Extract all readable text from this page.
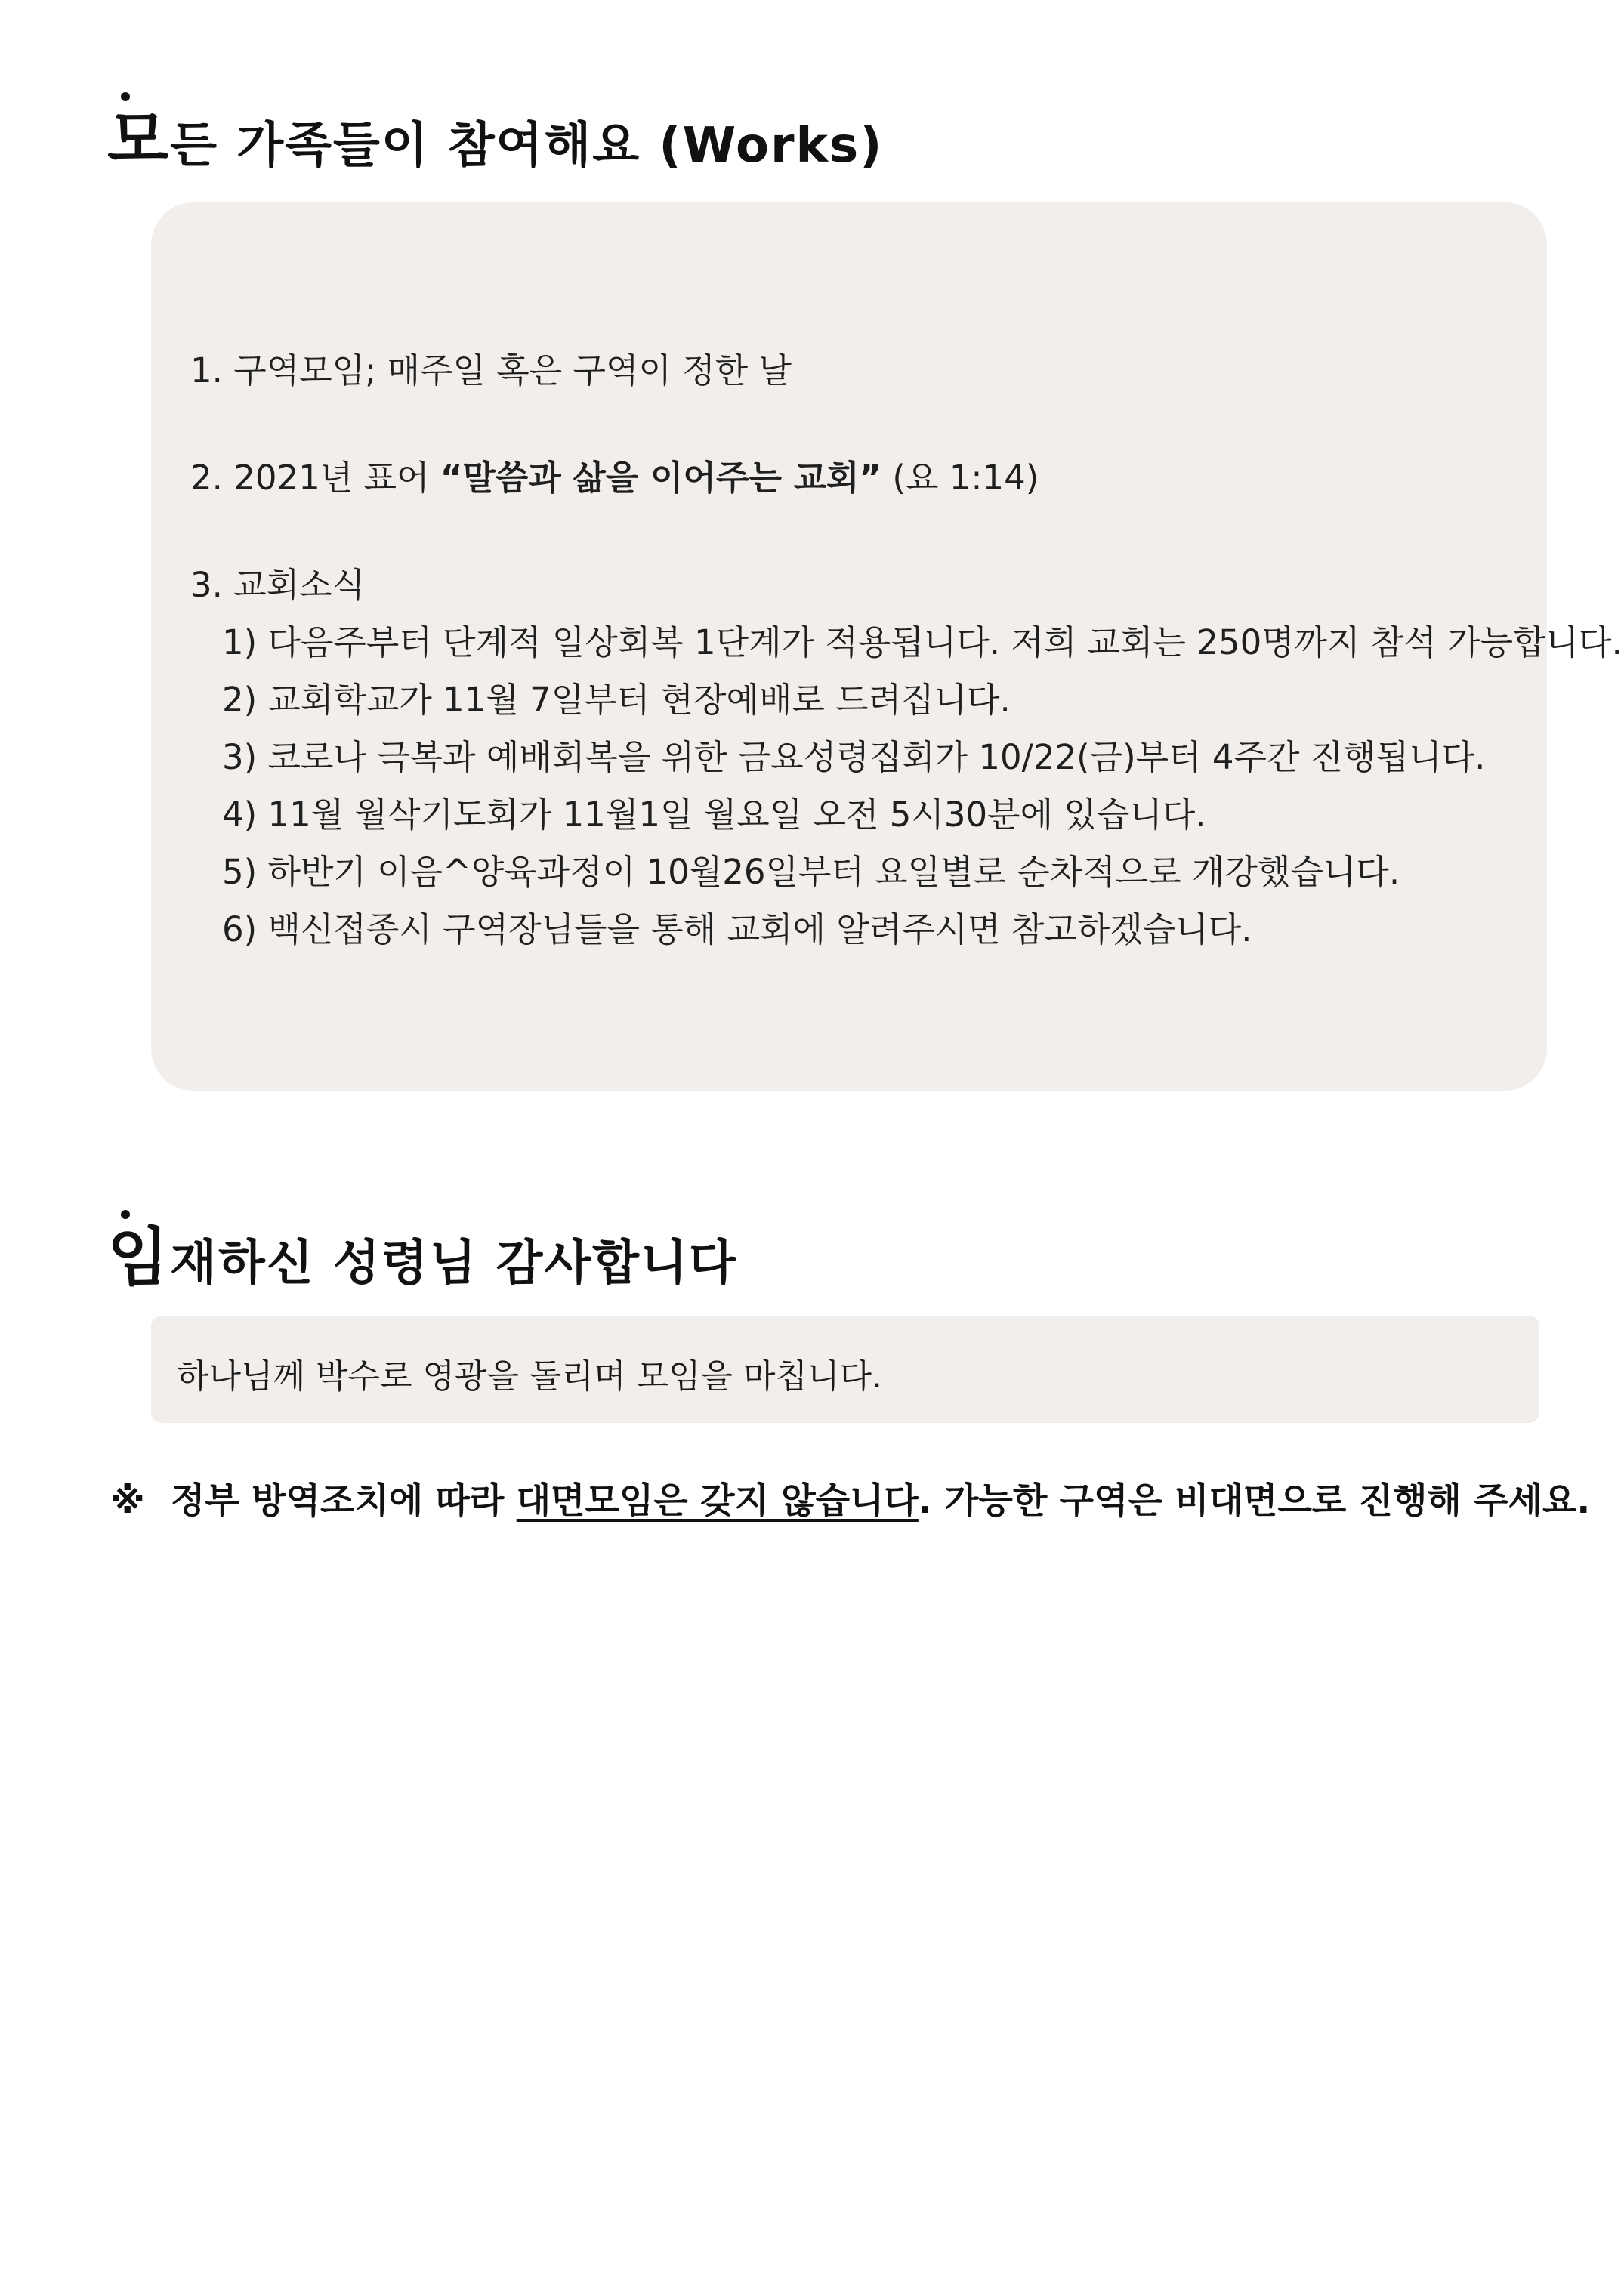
모든 가족들이 참여해요 (Works)
1. 구역모임; 매주일 혹은 구역이 정한 날
2. 2021년 표어 “말씀과 삶을 이어주는 교회” (요 1:14)
3. 교회소식
1) 다음주부터 단계적 일상회복 1단계가 적용됩니다. 저희 교회는 250명까지 참석 가능합니다.
2) 교회학교가 11월 7일부터 현장예배로 드려집니다.
3) 코로나 극복과 예배회복을 위한 금요성령집회가 10/22(금)부터 4주간 진행됩니다.
4) 11월 월삭기도회가 11월1일 월요일 오전 5시30분에 있습니다.
5) 하반기 이음^양육과정이 10월26일부터 요일별로 순차적으로 개강했습니다.
6) 백신접종시 구역장님들을 통해 교회에 알려주시면 참고하겠습니다.
임재하신 성령님 감사합니다
하나님께 박수로 영광을 돌리며 모임을 마칩니다.
※ 정부 방역조치에 따라 대면모임은 갖지 않습니다. 가능한 구역은 비대면으로 진행해 주세요.
